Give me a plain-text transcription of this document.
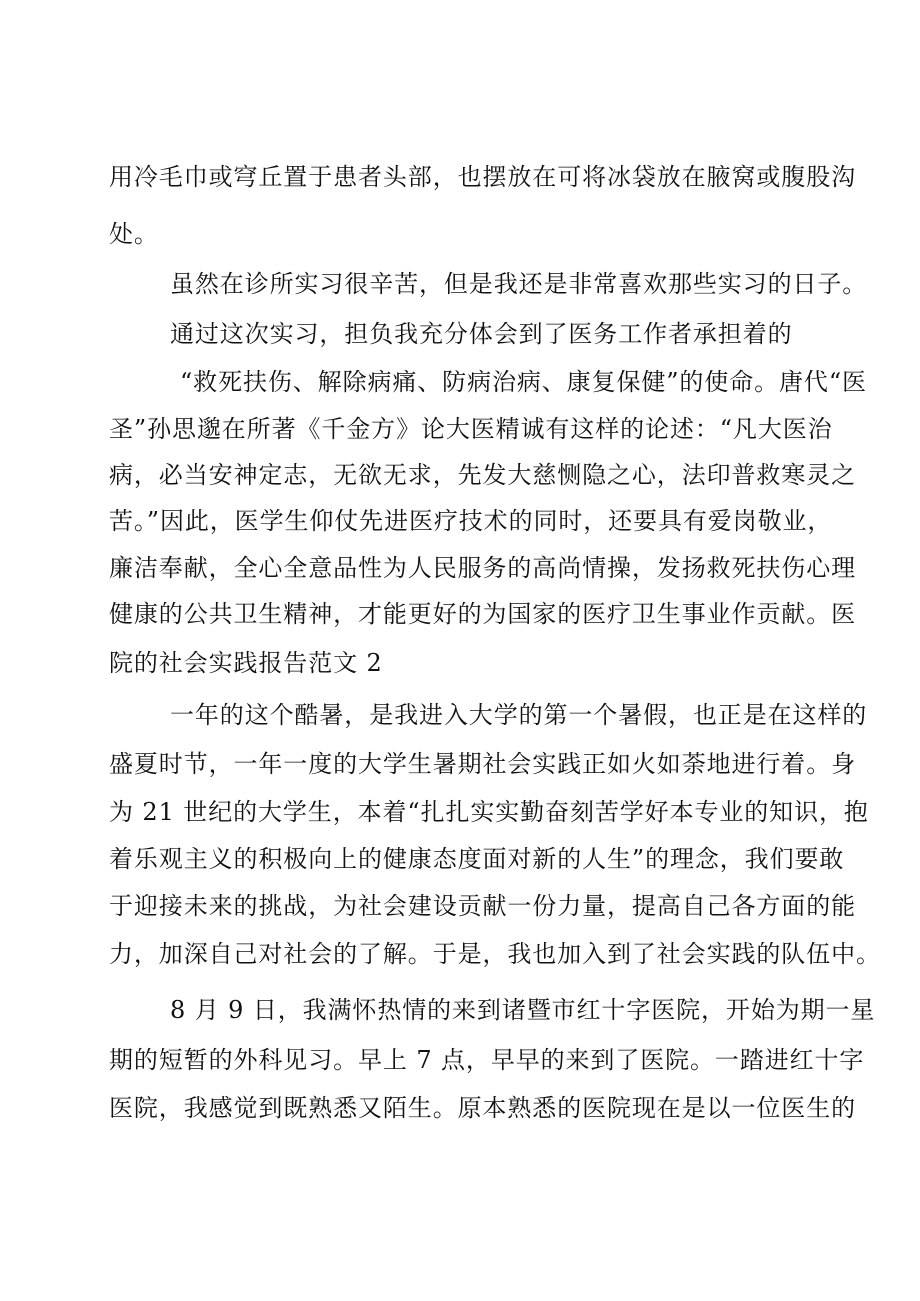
用冷毛巾或穹丘置于患者头部，也摆放在可将冰袋放在腋窝或腹股沟
处。
虽然在诊所实习很辛苦，但是我还是非常喜欢那些实习的日子。
通过这次实习，担负我充分体会到了医务工作者承担着的
“救死扶伤、解除病痛、防病治病、康复保健”的使命。唐代“医
圣”孙思邈在所著《千金方》论大医精诚有这样的论述：“凡大医治
病，必当安神定志，无欲无求，先发大慈恻隐之心，法印普救寒灵之
苦。”因此，医学生仰仗先进医疗技术的同时，还要具有爱岗敬业，
廉洁奉献，全心全意品性为人民服务的高尚情操，发扬救死扶伤心理
健康的公共卫生精神，才能更好的为国家的医疗卫生事业作贡献。医
院的社会实践报告范文 2
一年的这个酷暑，是我进入大学的第一个暑假，也正是在这样的
盛夏时节，一年一度的大学生暑期社会实践正如火如荼地进行着。身
为 21 世纪的大学生，本着“扎扎实实勤奋刻苦学好本专业的知识，抱
着乐观主义的积极向上的健康态度面对新的人生”的理念，我们要敢
于迎接未来的挑战，为社会建设贡献一份力量，提高自己各方面的能
力，加深自己对社会的了解。于是，我也加入到了社会实践的队伍中。
8 月 9 日，我满怀热情的来到诸暨市红十字医院，开始为期一星
期的短暂的外科见习。早上 7 点，早早的来到了医院。一踏进红十字
医院，我感觉到既熟悉又陌生。原本熟悉的医院现在是以一位医生的
